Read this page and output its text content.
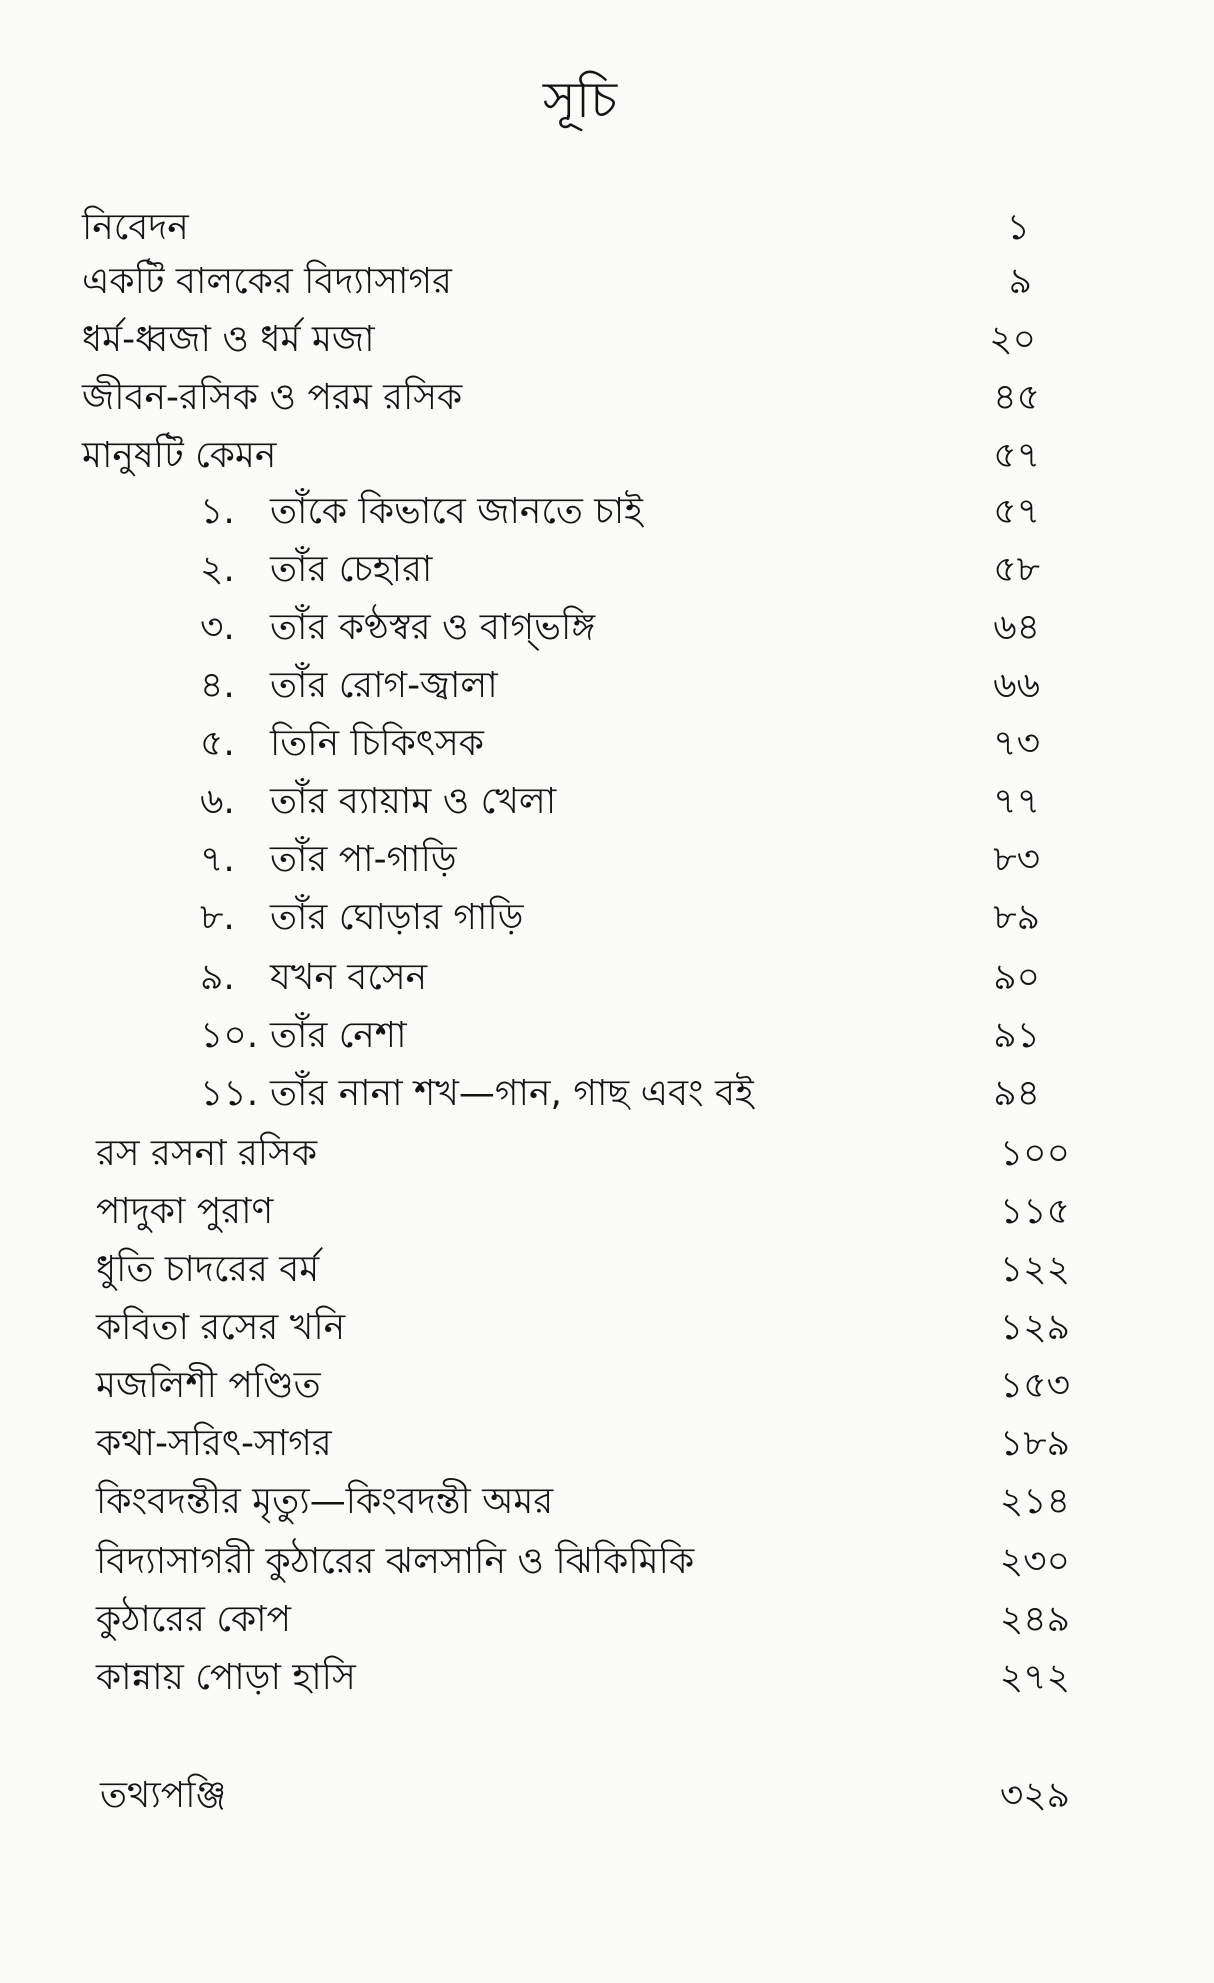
সূচি
নিবেদন	১
একটি বালকের বিদ্যাসাগর	৯
ধর্ম-ধ্বজা ও ধর্ম মজা	২০
জীবন-রসিক ও পরম রসিক	৪৫
মানুষটি কেমন	৫৭
১. তাঁকে কিভাবে জানতে চাই	৫৭
২. তাঁর চেহারা	৫৮
৩. তাঁর কণ্ঠস্বর ও বাগ্ভঙ্গি	৬৪
৪. তাঁর রোগ-জ্বালা	৬৬
৫. তিনি চিকিৎসক	৭৩
৬. তাঁর ব্যায়াম ও খেলা	৭৭
৭. তাঁর পা-গাড়ি	৮৩
৮. তাঁর ঘোড়ার গাড়ি	৮৯
৯. যখন বসেন	৯০
১০. তাঁর নেশা	৯১
১১. তাঁর নানা শখ—গান, গাছ এবং বই	৯৪
রস রসনা রসিক	১০০
পাদুকা পুরাণ	১১৫
ধুতি চাদরের বর্ম	১২২
কবিতা রসের খনি	১২৯
মজলিশী পণ্ডিত	১৫৩
কথা-সরিৎ-সাগর	১৮৯
কিংবদন্তীর মৃত্যু—কিংবদন্তী অমর	২১৪
বিদ্যাসাগরী কুঠারের ঝলসানি ও ঝিকিমিকি	২৩০
কুঠারের কোপ	২৪৯
কান্নায় পোড়া হাসি	২৭২
তথ্যপঞ্জি	৩২৯
